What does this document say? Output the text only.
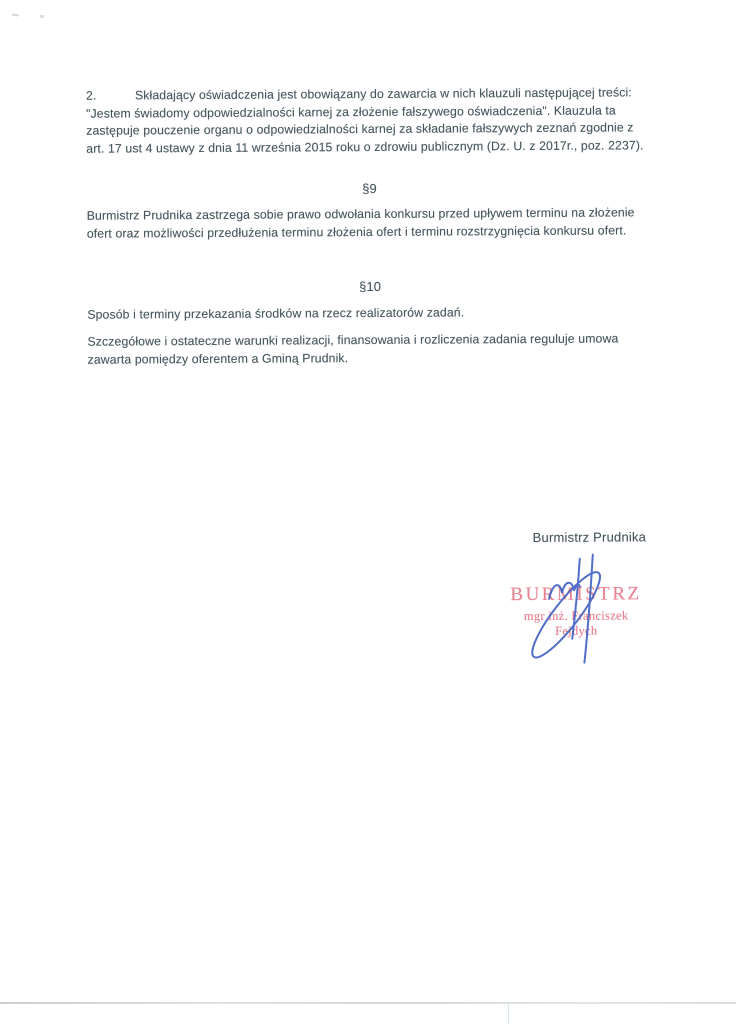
2.	Składający oświadczenia jest obowiązany do zawarcia w nich klauzuli następującej treści: "Jestem świadomy odpowiedzialności karnej za złożenie fałszywego oświadczenia". Klauzula ta zastępuje pouczenie organu o odpowiedzialności karnej za składanie fałszywych zeznań zgodnie z art. 17 ust 4 ustawy z dnia 11 września 2015 roku o zdrowiu publicznym (Dz. U. z 2017r., poz. 2237).

§9

Burmistrz Prudnika zastrzega sobie prawo odwołania konkursu przed upływem terminu na złożenie ofert oraz możliwości przedłużenia terminu złożenia ofert i terminu rozstrzygnięcia konkursu ofert.

§10

Sposób i terminy przekazania środków na rzecz realizatorów zadań.

Szczegółowe i ostateczne warunki realizacji, finansowania i rozliczenia zadania reguluje umowa zawarta pomiędzy oferentem a Gminą Prudnik.

Burmistrz Prudnika
BURMISTRZ
mgr inż. Franciszek Fejdych
